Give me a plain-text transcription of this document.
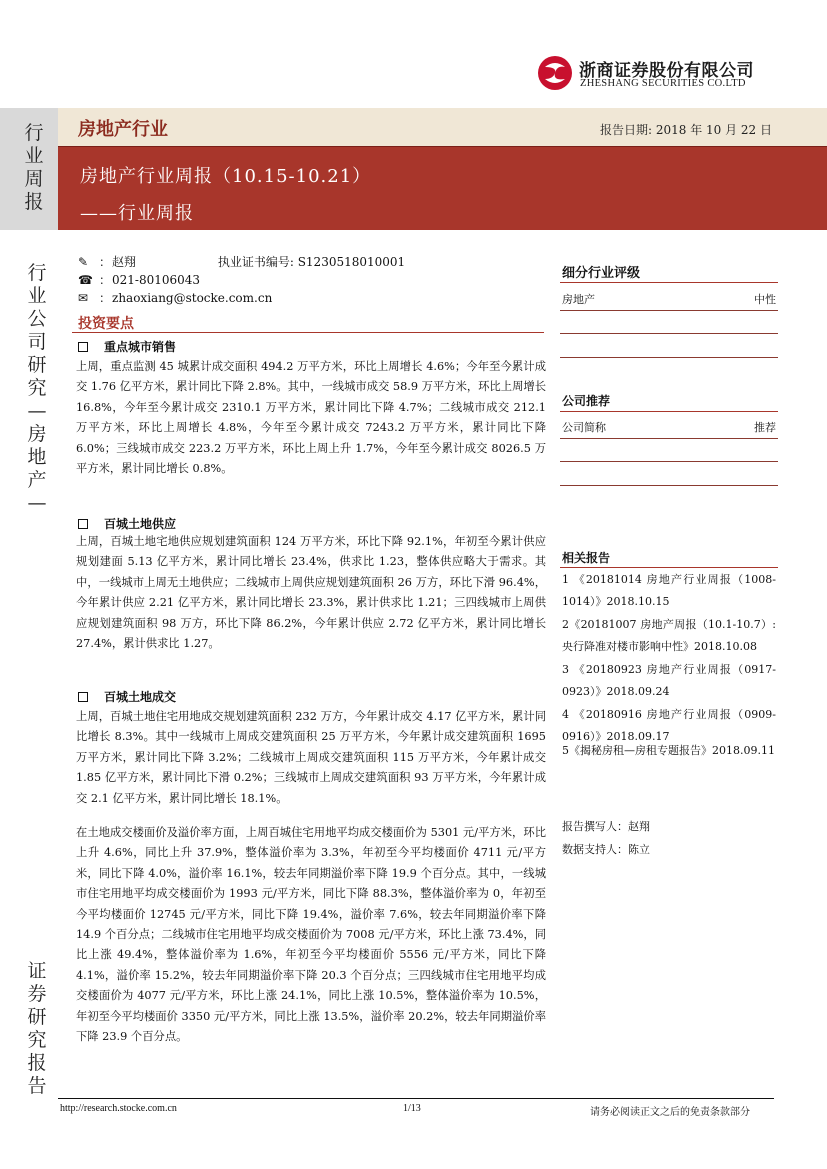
浙商证券股份有限公司
ZHESHANG SECURITIES CO.LTD
行业周报
房地产行业	报告日期: 2018 年 10 月 22 日
房地产行业周报（10.15-10.21）
——行业周报
行业公司研究—房地产—
证券研究报告
✎ ：赵翔	执业证书编号: S1230518010001
☎ ：021-80106043
✉ ：zhaoxiang@stocke.com.cn
投资要点
重点城市销售
上周，重点监测 45 城累计成交面积 494.2 万平方米，环比上周增长 4.6%；今年至今累计成交 1.76 亿平方米，累计同比下降 2.8%。其中，一线城市成交 58.9 万平方米，环比上周增长 16.8%，今年至今累计成交 2310.1 万平方米，累计同比下降 4.7%；二线城市成交 212.1 万平方米，环比上周增长 4.8%，今年至今累计成交 7243.2 万平方米，累计同比下降 6.0%；三线城市成交 223.2 万平方米，环比上周上升 1.7%，今年至今累计成交 8026.5 万平方米，累计同比增长 0.8%。
百城土地供应
上周，百城土地宅地供应规划建筑面积 124 万平方米，环比下降 92.1%，年初至今累计供应规划建面 5.13 亿平方米，累计同比增长 23.4%，供求比 1.23，整体供应略大于需求。其中，一线城市上周无土地供应；二线城市上周供应规划建筑面积 26 万方，环比下滑 96.4%，今年累计供应 2.21 亿平方米，累计同比增长 23.3%，累计供求比 1.21；三四线城市上周供应规划建筑面积 98 万方，环比下降 86.2%，今年累计供应 2.72 亿平方米，累计同比增长 27.4%，累计供求比 1.27。
百城土地成交
上周，百城土地住宅用地成交规划建筑面积 232 万方，今年累计成交 4.17 亿平方米，累计同比增长 8.3%。其中一线城市上周成交建筑面积 25 万平方米，今年累计成交建筑面积 1695 万平方米，累计同比下降 3.2%；二线城市上周成交建筑面积 115 万平方米，今年累计成交 1.85 亿平方米，累计同比下滑 0.2%；三线城市上周成交建筑面积 93 万平方米，今年累计成交 2.1 亿平方米，累计同比增长 18.1%。
在土地成交楼面价及溢价率方面，上周百城住宅用地平均成交楼面价为 5301 元/平方米，环比上升 4.6%，同比上升 37.9%，整体溢价率为 3.3%，年初至今平均楼面价 4711 元/平方米，同比下降 4.0%，溢价率 16.1%，较去年同期溢价率下降 19.9 个百分点。其中，一线城市住宅用地平均成交楼面价为 1993 元/平方米，同比下降 88.3%，整体溢价率为 0，年初至今平均楼面价 12745 元/平方米，同比下降 19.4%，溢价率 7.6%，较去年同期溢价率下降 14.9 个百分点；二线城市住宅用地平均成交楼面价为 7008 元/平方米，环比上涨 73.4%，同比上涨 49.4%，整体溢价率为 1.6%，年初至今平均楼面价 5556 元/平方米，同比下降 4.1%，溢价率 15.2%，较去年同期溢价率下降 20.3 个百分点；三四线城市住宅用地平均成交楼面价为 4077 元/平方米，环比上涨 24.1%，同比上涨 10.5%，整体溢价率为 10.5%，年初至今平均楼面价 3350 元/平方米，同比上涨 13.5%，溢价率 20.2%，较去年同期溢价率下降 23.9 个百分点。
细分行业评级
房地产	中性
公司推荐
公司简称	推荐
相关报告
1 《20181014 房地产行业周报（1008-1014）》2018.10.15
2《20181007 房地产周报（10.1-10.7）:央行降准对楼市影响中性》2018.10.08
3 《20180923 房地产行业周报（0917-0923）》2018.09.24
4 《20180916 房地产行业周报（0909-0916）》2018.09.17
5《揭秘房租—房租专题报告》2018.09.11
报告撰写人：赵翔
数据支持人：陈立
http://research.stocke.com.cn	1/13	请务必阅读正文之后的免责条款部分
